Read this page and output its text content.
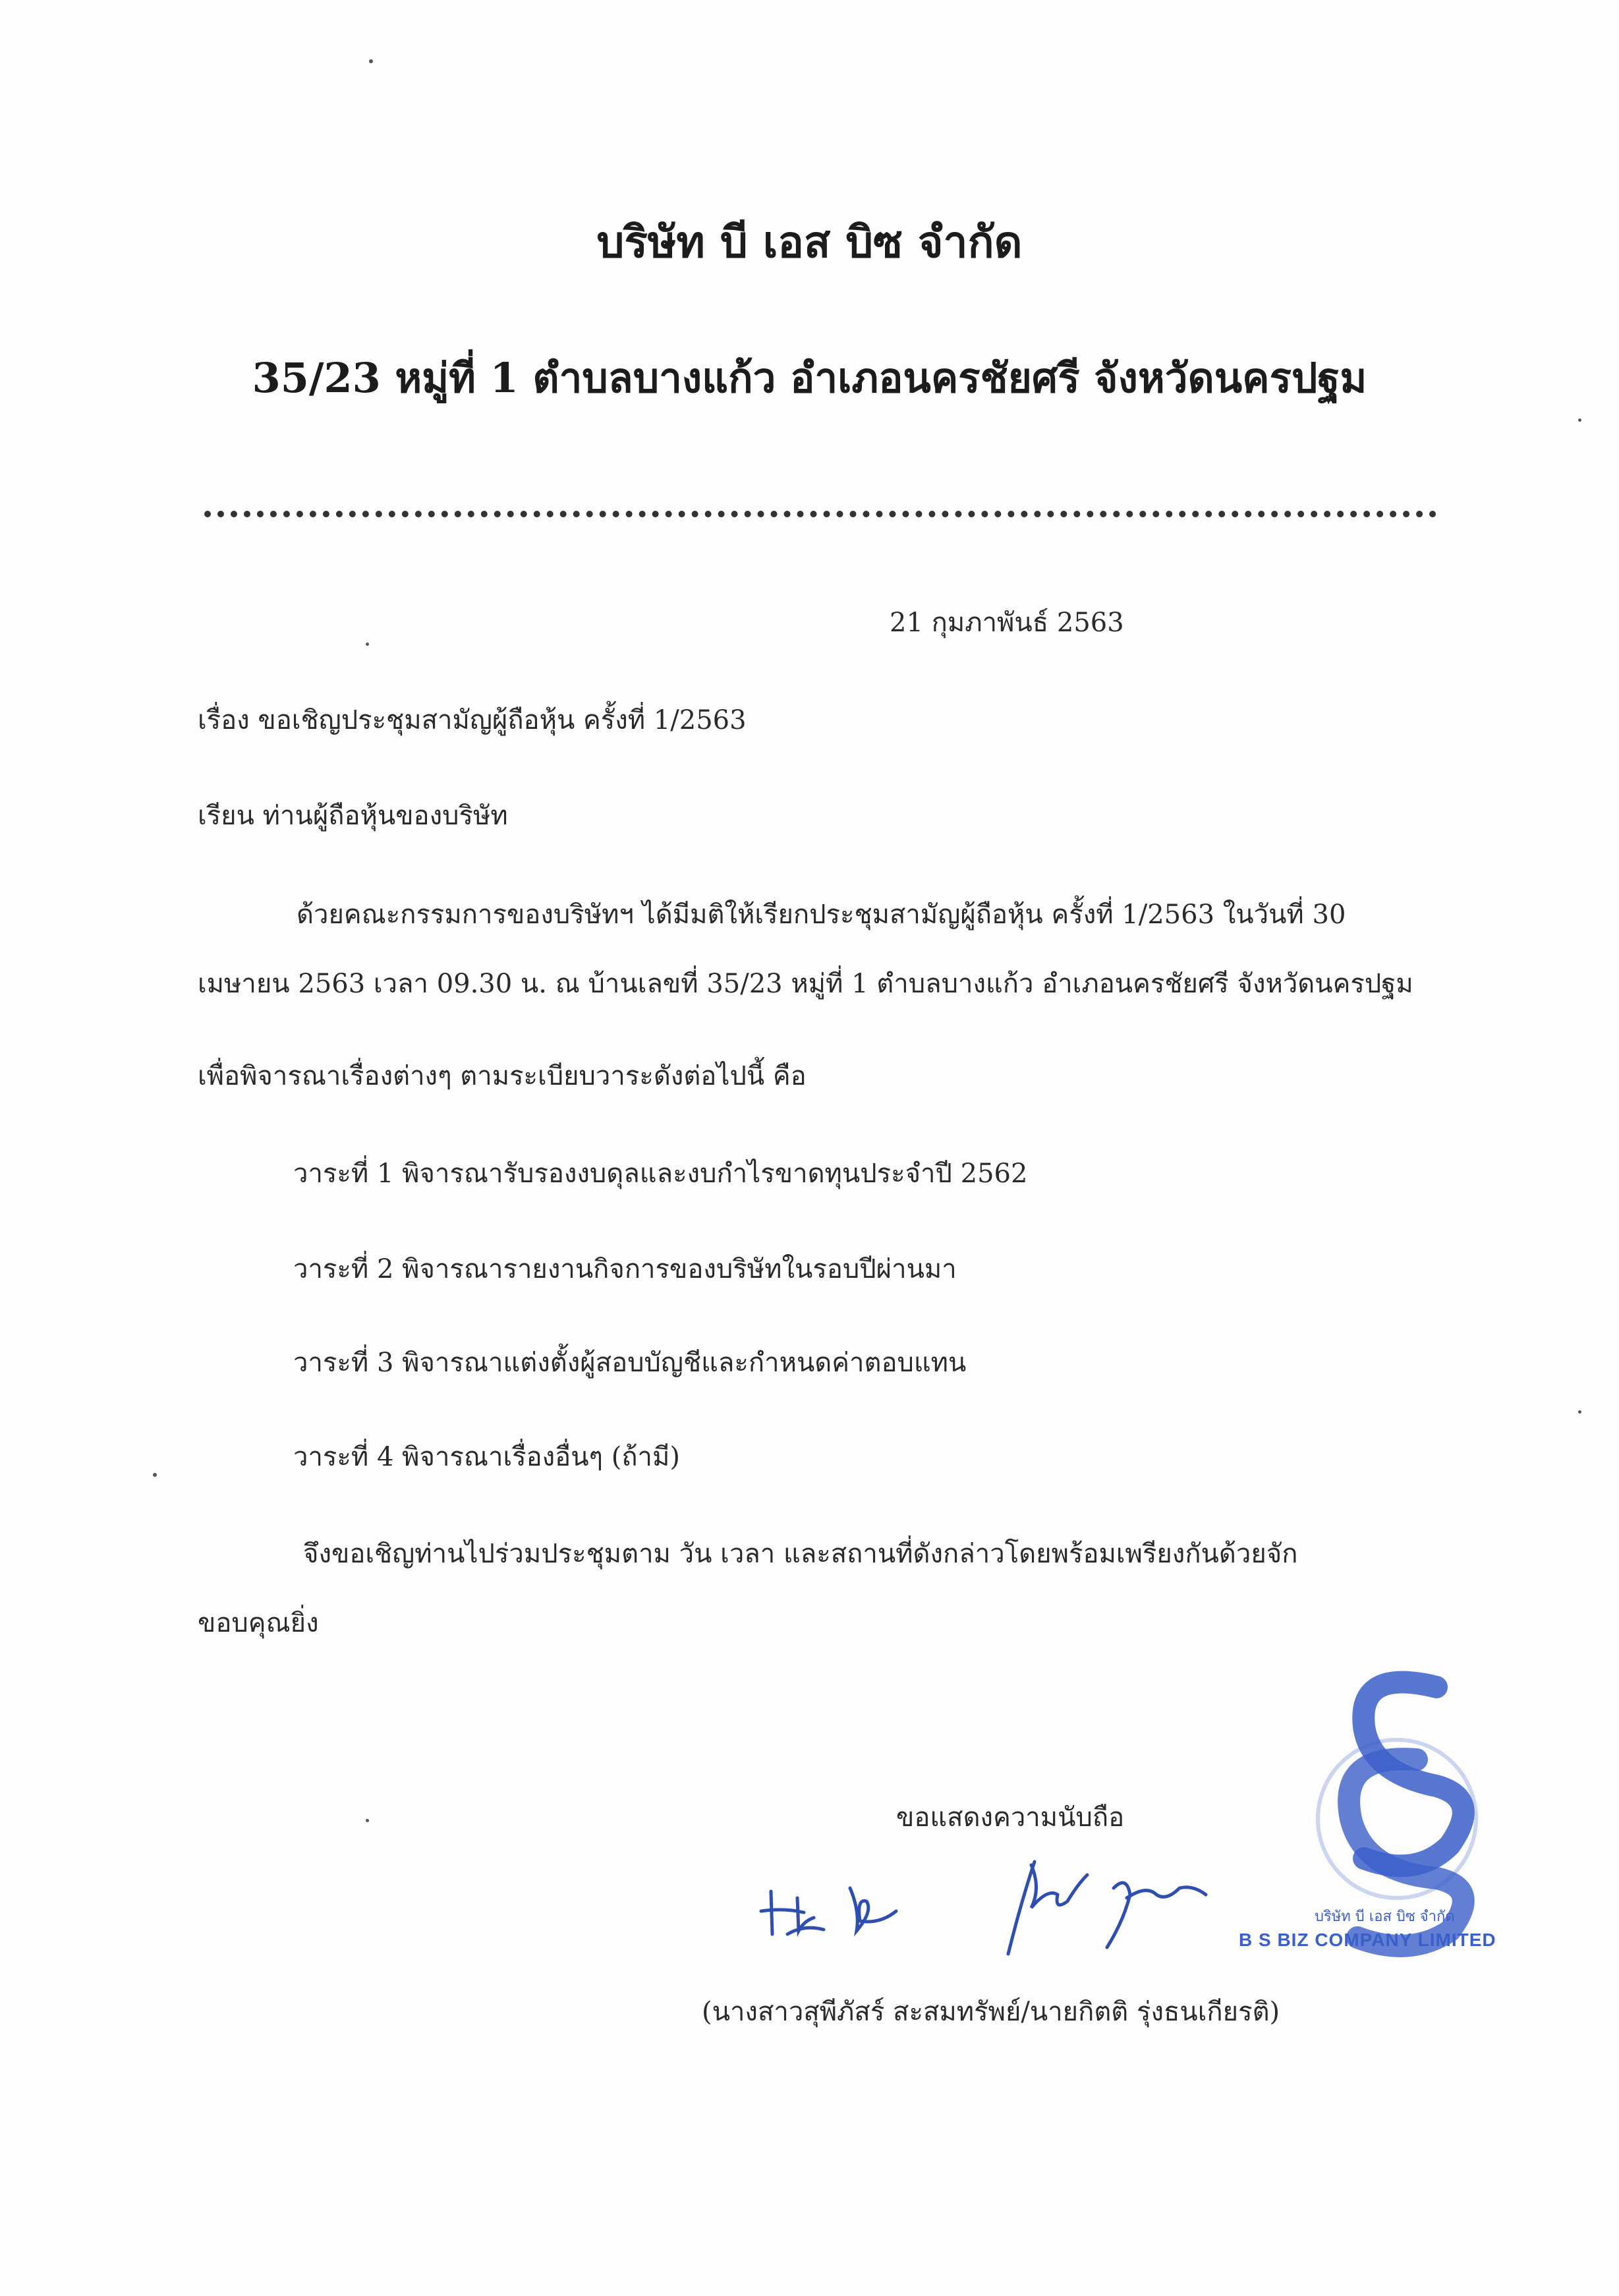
บริษัท บี เอส บิซ จำกัด
35/23 หมู่ที่ 1 ตำบลบางแก้ว อำเภอนครชัยศรี จังหวัดนครปฐม
21 กุมภาพันธ์ 2563
เรื่อง ขอเชิญประชุมสามัญผู้ถือหุ้น ครั้งที่ 1/2563
เรียน ท่านผู้ถือหุ้นของบริษัท
ด้วยคณะกรรมการของบริษัทฯ ได้มีมติให้เรียกประชุมสามัญผู้ถือหุ้น ครั้งที่ 1/2563 ในวันที่ 30
เมษายน 2563 เวลา 09.30 น. ณ บ้านเลขที่ 35/23 หมู่ที่ 1 ตำบลบางแก้ว อำเภอนครชัยศรี จังหวัดนครปฐม
เพื่อพิจารณาเรื่องต่างๆ ตามระเบียบวาระดังต่อไปนี้ คือ
วาระที่ 1 พิจารณารับรองงบดุลและงบกำไรขาดทุนประจำปี 2562
วาระที่ 2 พิจารณารายงานกิจการของบริษัทในรอบปีผ่านมา
วาระที่ 3 พิจารณาแต่งตั้งผู้สอบบัญชีและกำหนดค่าตอบแทน
วาระที่ 4 พิจารณาเรื่องอื่นๆ (ถ้ามี)
จึงขอเชิญท่านไปร่วมประชุมตาม วัน เวลา และสถานที่ดังกล่าวโดยพร้อมเพรียงกันด้วยจัก
ขอบคุณยิ่ง
ขอแสดงความนับถือ
บริษัท บี เอส บิซ จำกัด
B S BIZ COMPANY LIMITED
(นางสาวสุพีภัสร์ สะสมทรัพย์/นายกิตติ รุ่งธนเกียรติ)
